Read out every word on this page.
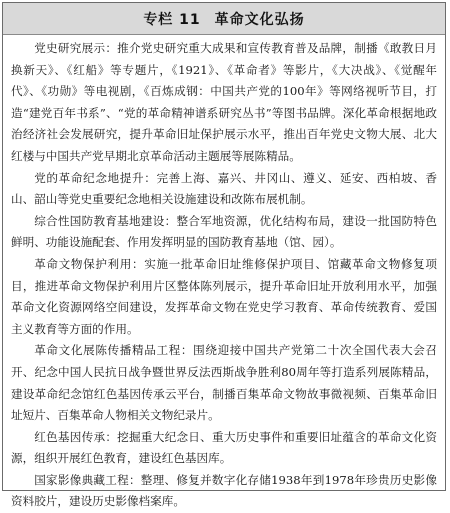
专栏 11 革命文化弘扬

党史研究展示：推介党史研究重大成果和宣传教育普及品牌，制播《敢教日月换新天》、《红船》等专题片，《1921》、《革命者》等影片，《大决战》、《觉醒年代》、《功勋》等电视剧，《百炼成钢：中国共产党的100年》等网络视听节目，打造“建党百年书系”、“党的革命精神谱系研究丛书”等图书品牌。深化革命根据地政治经济社会发展研究，提升革命旧址保护展示水平，推出百年党史文物大展、北大红楼与中国共产党早期北京革命活动主题展等展陈精品。

党的革命纪念地提升：完善上海、嘉兴、井冈山、遵义、延安、西柏坡、香山、韶山等党史重要纪念地相关设施建设和改陈布展机制。

综合性国防教育基地建设：整合军地资源，优化结构布局，建设一批国防特色鲜明、功能设施配套、作用发挥明显的国防教育基地（馆、园）。

革命文物保护利用：实施一批革命旧址维修保护项目、馆藏革命文物修复项目，推进革命文物保护利用片区整体陈列展示，提升革命旧址开放利用水平，加强革命文化资源网络空间建设，发挥革命文物在党史学习教育、革命传统教育、爱国主义教育等方面的作用。

革命文化展陈传播精品工程：围绕迎接中国共产党第二十次全国代表大会召开、纪念中国人民抗日战争暨世界反法西斯战争胜利80周年等打造系列展陈精品，建设革命纪念馆红色基因传承云平台，制播百集革命文物故事微视频、百集革命旧址短片、百集革命人物相关文物纪录片。

红色基因传承：挖掘重大纪念日、重大历史事件和重要旧址蕴含的革命文化资源，组织开展红色教育，建设红色基因库。

国家影像典藏工程：整理、修复并数字化存储1938年到1978年珍贵历史影像资料胶片，建设历史影像档案库。
